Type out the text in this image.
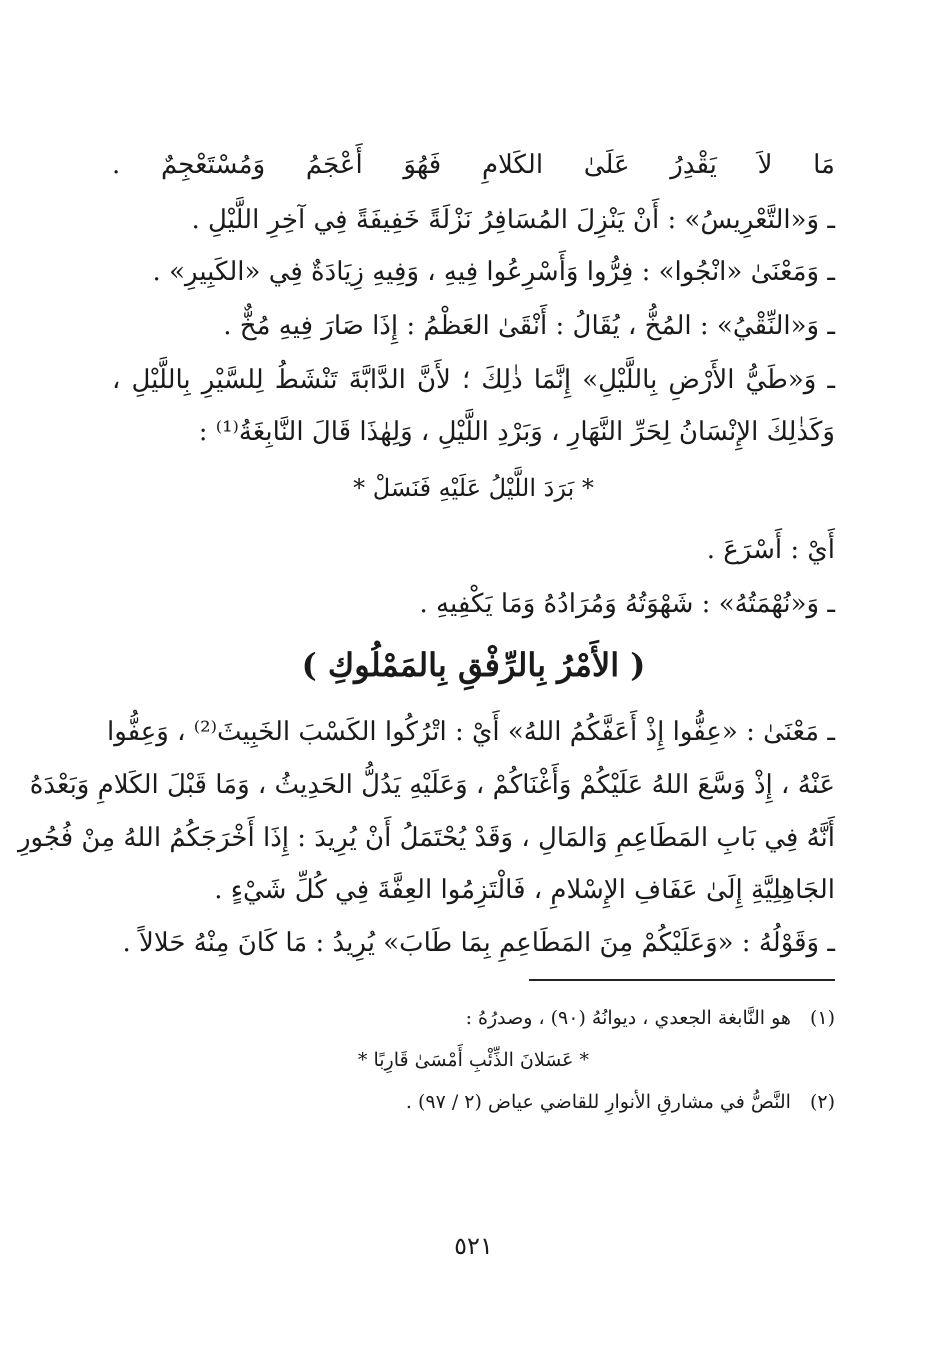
مَا لاَ يَقْدِرُ عَلَىٰ الكَلامِ فَهُوَ أَعْجَمُ وَمُسْتَعْجِمٌ .
ـ وَ«التَّعْرِيسُ» : أَنْ يَنْزِلَ المُسَافِرُ نَزْلَةً خَفِيفَةً فِي آخِرِ اللَّيْلِ .
ـ وَمَعْنَىٰ «انْجُوا» : فِرُّوا وَأَسْرِعُوا فِيهِ ، وَفِيهِ زِيَادَةٌ فِي «الكَبِيرِ» .
ـ وَ«النِّقْيُ» : المُخُّ ، يُقَالُ : أَنْقَىٰ العَظْمُ : إِذَا صَارَ فِيهِ مُخٌّ .
ـ وَ«طَيُّ الأَرْضِ بِاللَّيْلِ» إِنَّمَا ذٰلِكَ ؛ لأَنَّ الدَّابَّةَ تَنْشَطُ لِلسَّيْرِ بِاللَّيْلِ ،
وَكَذٰلِكَ الإِنْسَانُ لِحَرِّ النَّهَارِ ، وَبَرْدِ اللَّيْلِ ، وَلِهٰذَا قَالَ النَّابِغَةُ⁽¹⁾ :
* بَرَدَ اللَّيْلُ عَلَيْهِ فَنَسَلْ *
أَيْ : أَسْرَعَ .
ـ وَ«نُهْمَتُهُ» : شَهْوَتُهُ وَمُرَادُهُ وَمَا يَكْفِيهِ .
( الأَمْرُ بِالرِّفْقِ بِالمَمْلُوكِ )
ـ مَعْنَىٰ : «عِفُّوا إِذْ أَعَفَّكُمُ اللهُ» أَيْ : اتْرُكُوا الكَسْبَ الخَبِيثَ⁽²⁾ ، وَعِفُّوا
عَنْهُ ، إِذْ وَسَّعَ اللهُ عَلَيْكُمْ وَأَغْنَاكُمْ ، وَعَلَيْهِ يَدُلُّ الحَدِيثُ ، وَمَا قَبْلَ الكَلامِ وَبَعْدَهُ
أَنَّهُ فِي بَابِ المَطَاعِمِ وَالمَالِ ، وَقَدْ يُحْتَمَلُ أَنْ يُرِيدَ : إِذَا أَخْرَجَكُمُ اللهُ مِنْ فُجُورِ
الجَاهِلِيَّةِ إِلَىٰ عَفَافِ الإِسْلامِ ، فَالْتَزِمُوا العِفَّةَ فِي كُلِّ شَيْءٍ .
ـ وَقَوْلُهُ : «وَعَلَيْكُمْ مِنَ المَطَاعِمِ بِمَا طَابَ» يُرِيدُ : مَا كَانَ مِنْهُ حَلالاً .
(١) هو النَّابغة الجعدي ، ديوانُهُ (٩٠) ، وصدرُهُ :
* عَسَلانَ الذِّئْبِ أَمْسَىٰ قَارِبًا *
(٢) النَّصُّ في مشارقِ الأنوارِ للقاضي عياض (٢ / ٩٧) .
٥٢١
